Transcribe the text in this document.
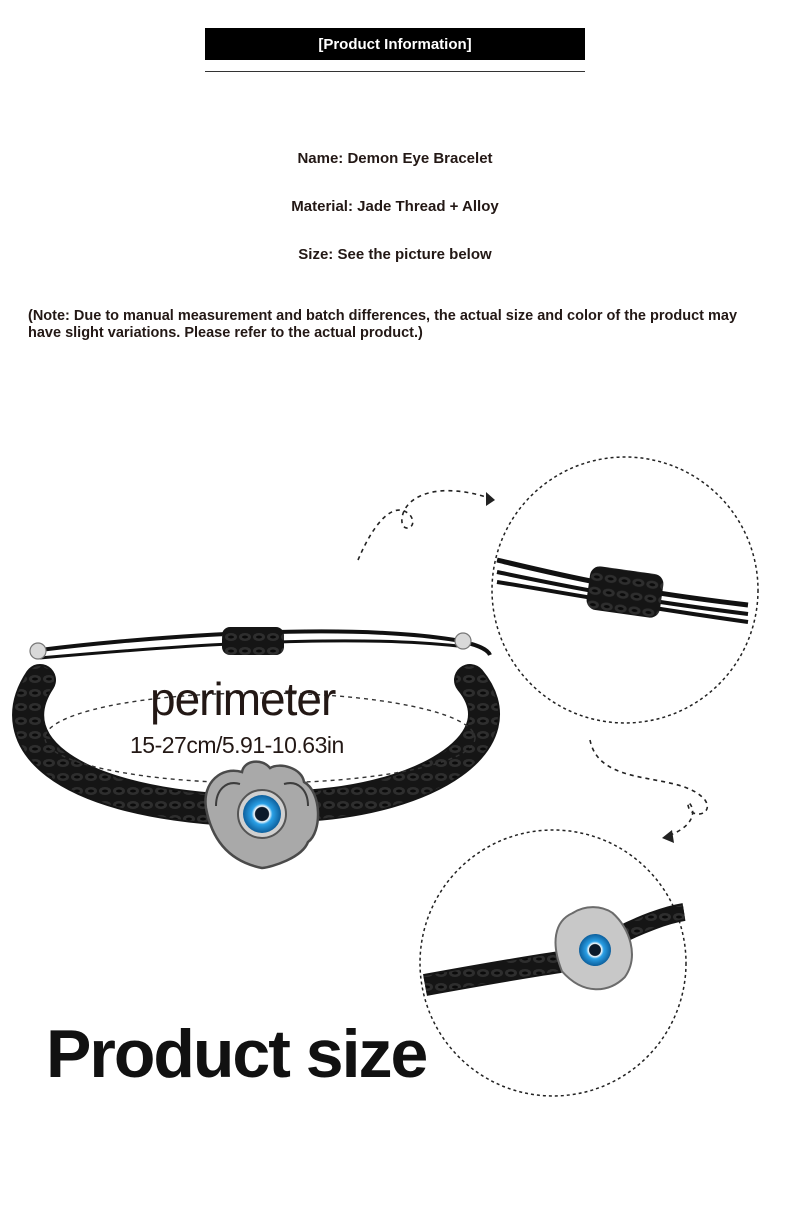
[Product Information]
Name: Demon Eye Bracelet
Material: Jade Thread + Alloy
Size: See the picture below
(Note: Due to manual measurement and batch differences, the actual size and color of the product may have slight variations. Please refer to the actual product.)
perimeter
15-27cm/5.91-10.63in
Product size
